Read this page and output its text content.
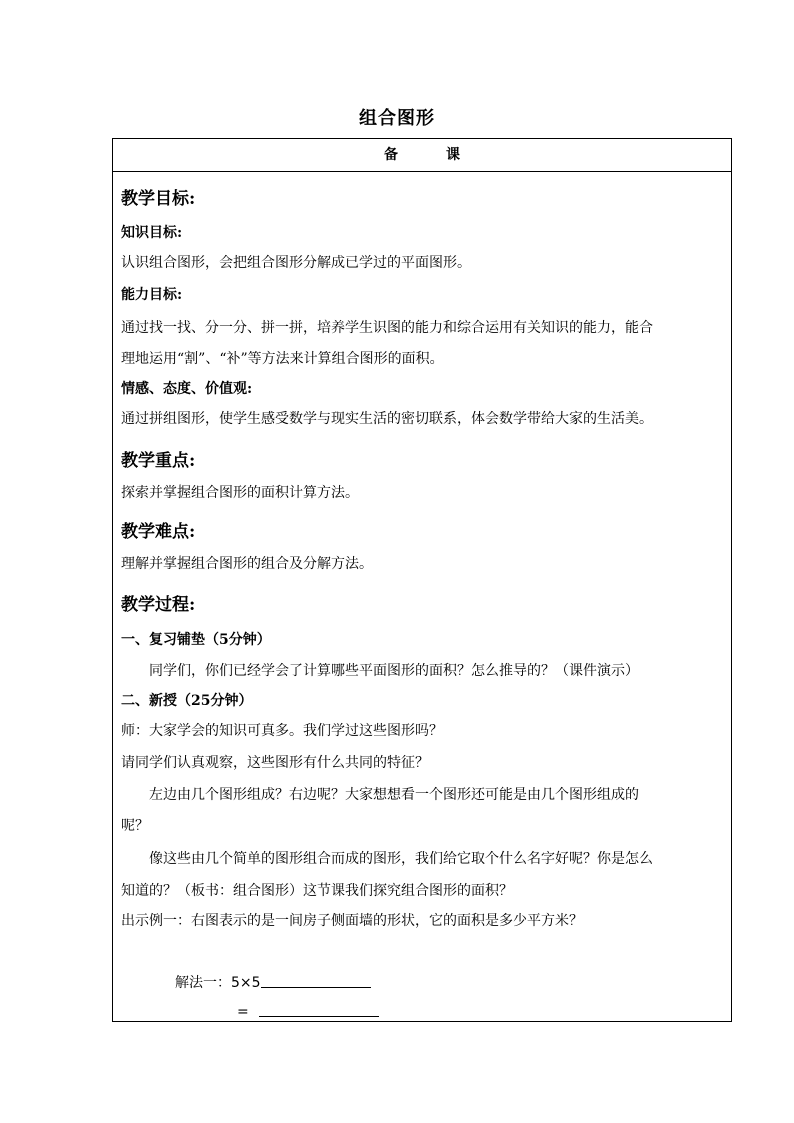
组合图形
备	课
教学目标:
知识目标:
认识组合图形，会把组合图形分解成已学过的平面图形。
能力目标:
通过找一找、分一分、拼一拼，培养学生识图的能力和综合运用有关知识的能力，能合
理地运用“割”、“补”等方法来计算组合图形的面积。
情感、态度、价值观:
通过拼组图形，使学生感受数学与现实生活的密切联系，体会数学带给大家的生活美。
教学重点:
探索并掌握组合图形的面积计算方法。
教学难点:
理解并掌握组合图形的组合及分解方法。
教学过程:
一、复习铺垫（5分钟）
同学们，你们已经学会了计算哪些平面图形的面积？怎么推导的？（课件演示）
二、新授（25分钟）
师：大家学会的知识可真多。我们学过这些图形吗？
请同学们认真观察，这些图形有什么共同的特征？
左边由几个图形组成？右边呢？大家想想看一个图形还可能是由几个图形组成的
呢？
像这些由几个简单的图形组合而成的图形，我们给它取个什么名字好呢？你是怎么
知道的？（板书：组合图形）这节课我们探究组合图形的面积？
出示例一：右图表示的是一间房子侧面墙的形状，它的面积是多少平方米？
解法一：5×5
=
